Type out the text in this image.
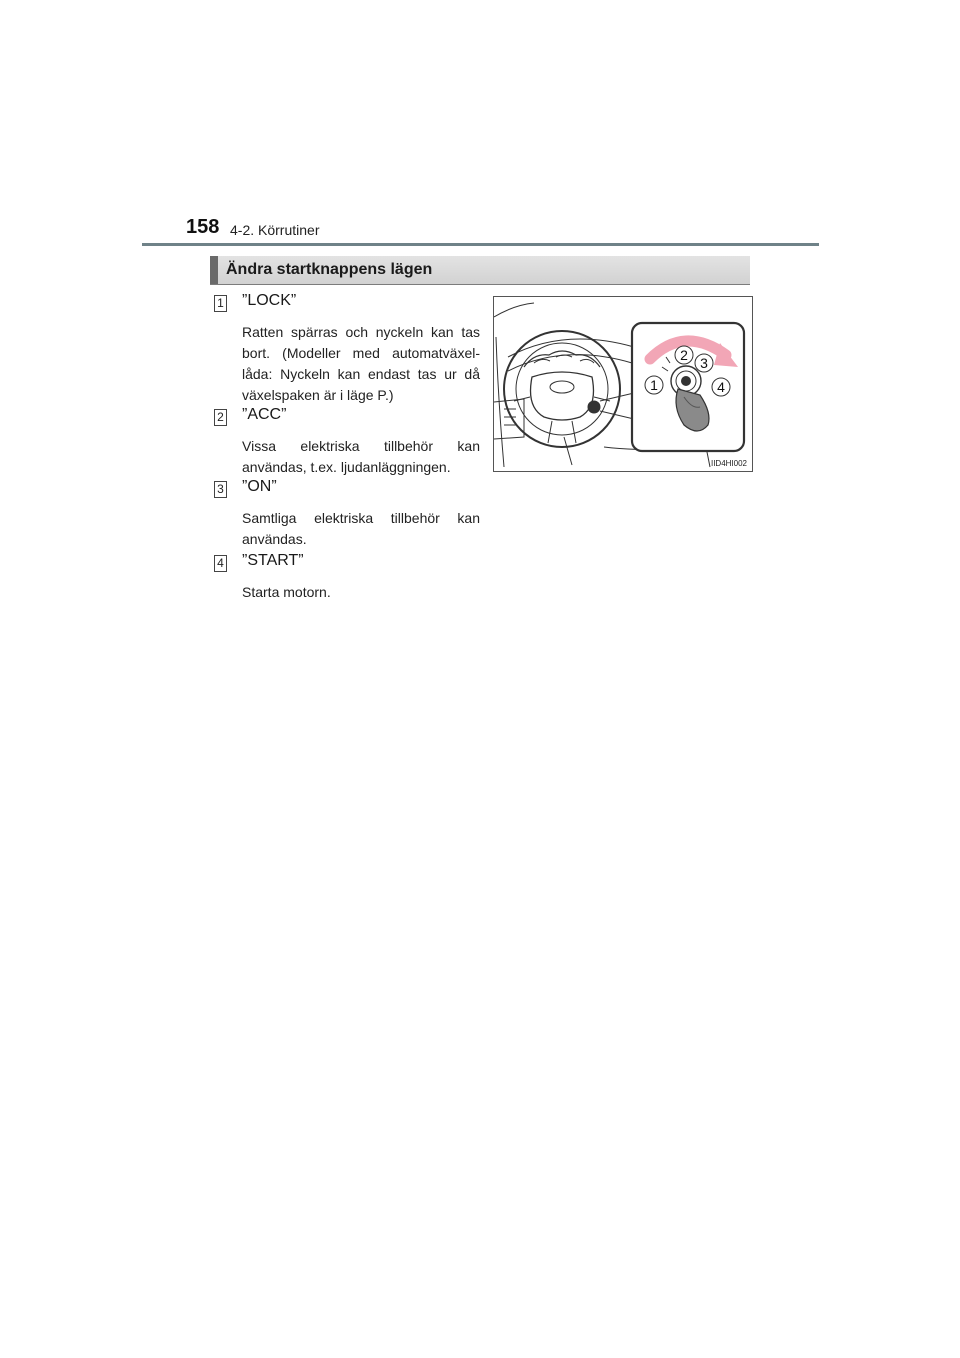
158 4-2. Körrutiner
Ändra startknappens lägen
1 ”LOCK”
Ratten spärras och nyckeln kan tas bort. (Modeller med automatväxel-låda: Nyckeln kan endast tas ur då växelspaken är i läge P.)
2 ”ACC”
Vissa elektriska tillbehör kan användas, t.ex. ljudanläggningen.
3 ”ON”
Samtliga elektriska tillbehör kan användas.
4 ”START”
Starta motorn.
1
2 3
4
IID4HI002
